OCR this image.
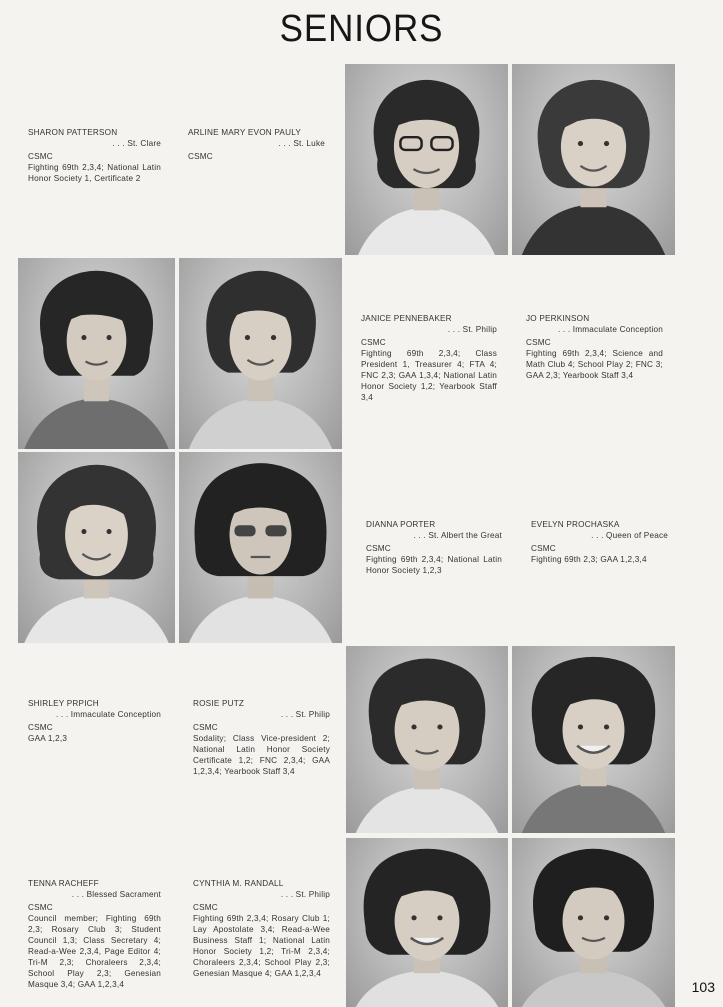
SENIORS
SHARON PATTERSON
. . . St. Clare
CSMC
Fighting 69th 2,3,4; National Latin Honor Society 1, Certificate 2
ARLINE MARY EVON PAULY
. . . St. Luke
CSMC
JANICE PENNEBAKER
. . . St. Philip
CSMC
Fighting 69th 2,3,4; Class President 1, Treasurer 4; FTA 4; FNC 2,3; GAA 1,3,4; National Latin Honor Society 1,2; Yearbook Staff 3,4
JO PERKINSON
. . . Immaculate Conception
CSMC
Fighting 69th 2,3,4; Science and Math Club 4; School Play 2; FNC 3; GAA 2,3; Yearbook Staff 3,4
DIANNA PORTER
. . . St. Albert the Great
CSMC
Fighting 69th 2,3,4; National Latin Honor Society 1,2,3
EVELYN PROCHASKA
. . . Queen of Peace
CSMC
Fighting 69th 2,3; GAA 1,2,3,4
SHIRLEY PRPICH
. . . Immaculate Conception
CSMC
GAA 1,2,3
ROSIE PUTZ
. . . St. Philip
CSMC
Sodality; Class Vice-president 2; National Latin Honor Society Certificate 1,2; FNC 2,3,4; GAA 1,2,3,4; Yearbook Staff 3,4
TENNA RACHEFF
. . . Blessed Sacrament
CSMC
Council member; Fighting 69th 2,3; Rosary Club 3; Student Council 1,3; Class Secretary 4; Read-a-Wee 2,3,4, Page Editor 4; Tri-M 2,3; Choraleers 2,3,4; School Play 2,3; Genesian Masque 3,4; GAA 1,2,3,4
CYNTHIA M. RANDALL
. . . St. Philip
CSMC
Fighting 69th 2,3,4; Rosary Club 1; Lay Apostolate 3,4; Read-a-Wee Business Staff 1; National Latin Honor Society 1,2; Tri-M 2,3,4; Choraleers 2,3,4; School Play 2,3; Genesian Masque 4; GAA 1,2,3,4
103
